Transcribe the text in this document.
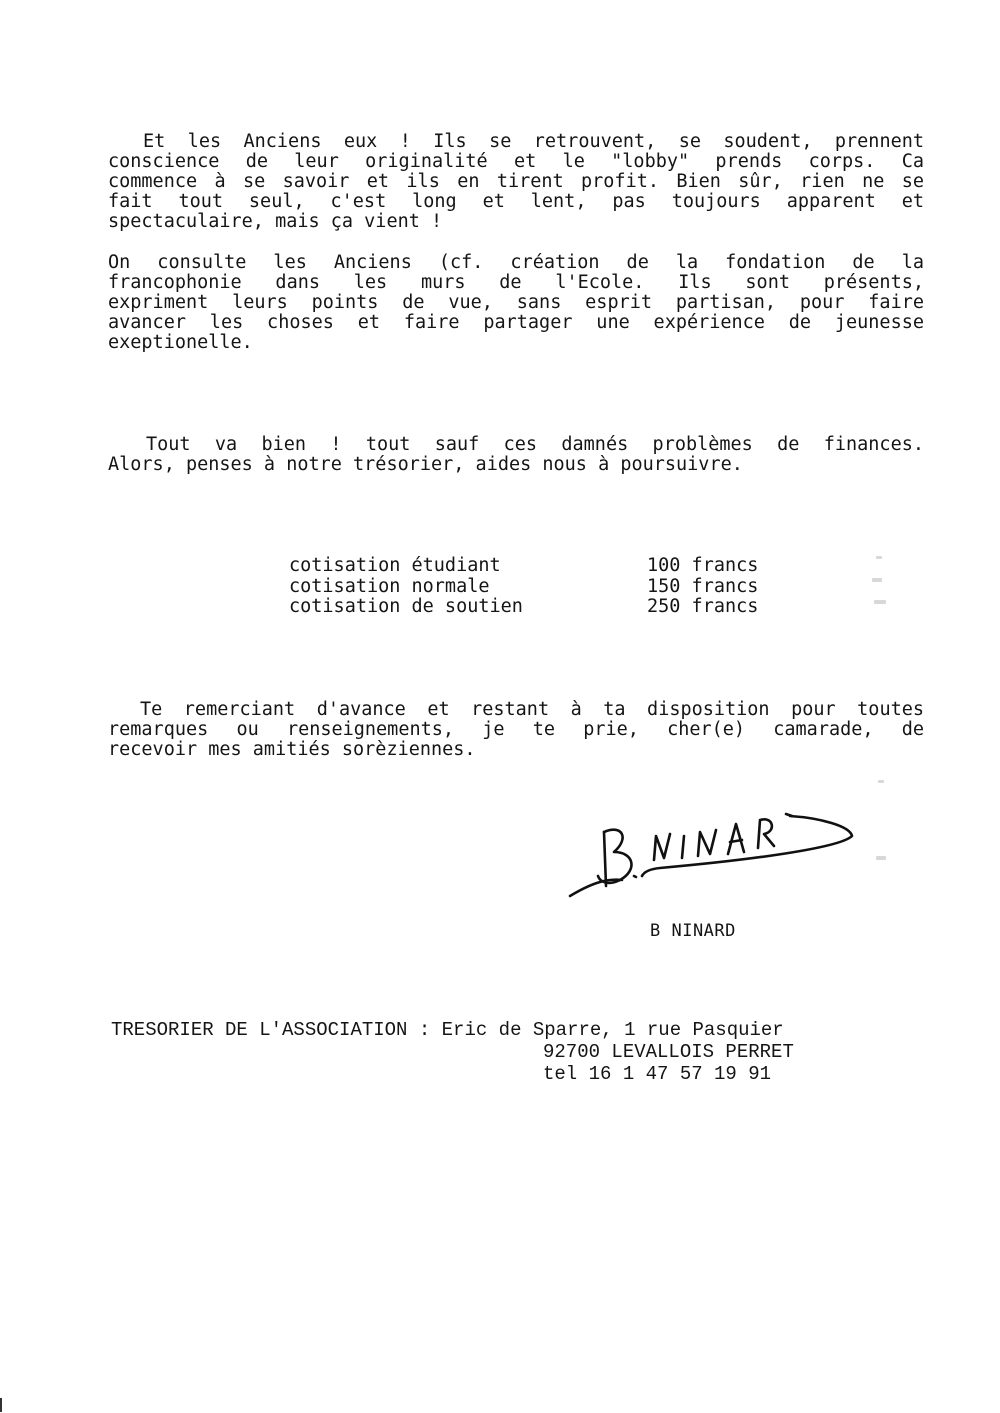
Et les Anciens eux ! Ils se retrouvent, se soudent, prennent
conscience de leur originalité et le "lobby" prends corps. Ca
commence à se savoir et ils en tirent profit. Bien sûr, rien ne se
fait tout seul, c'est long et lent, pas toujours apparent et
spectaculaire, mais ça vient !

On consulte les Anciens (cf. création de la fondation de la
francophonie dans les murs de l'Ecole. Ils sont présents,
expriment leurs points de vue, sans esprit partisan, pour faire
avancer les choses et faire partager une expérience de jeunesse
exeptionelle.

Tout va bien ! tout sauf ces damnés problèmes de finances.
Alors, penses à notre trésorier, aides nous à poursuivre.

cotisation étudiant	100 francs
cotisation normale	150 francs
cotisation de soutien	250 francs

Te remerciant d'avance et restant à ta disposition pour toutes
remarques ou renseignements, je te prie, cher(e) camarade, de
recevoir mes amitiés sorèziennes.

B NINARD
TRESORIER DE L'ASSOCIATION : Eric de Sparre, 1 rue Pasquier
92700 LEVALLOIS PERRET
tel 16 1 47 57 19 91
